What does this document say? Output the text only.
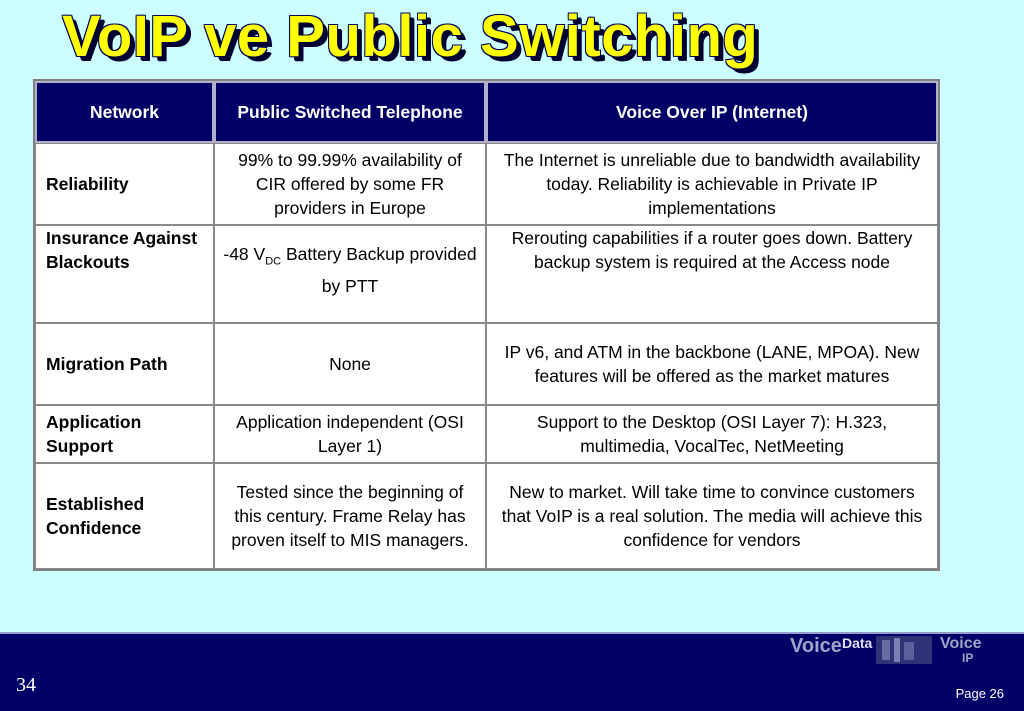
VoIP ve Public Switching
Network	Public Switched Telephone	Voice Over IP (Internet)
Reliability	99% to 99.99% availability of CIR offered by some FR providers in Europe	The Internet is unreliable due to bandwidth availability today. Reliability is achievable in Private IP implementations
Insurance Against Blackouts	-48 $V_{DC}$ Battery Backup provided by PTT	Rerouting capabilities if a router goes down. Battery backup system is required at the Access node
Migration Path	None	IP v6, and ATM in the backbone (LANE, MPOA). New features will be offered as the market matures
Application Support	Application independent (OSI Layer 1)	Support to the Desktop (OSI Layer 7): H.323, multimedia, VocalTec, NetMeeting
Established Confidence	Tested since the beginning of this century. Frame Relay has proven itself to MIS managers.	New to market. Will take time to convince customers that VoIP is a real solution. The media will achieve this confidence for vendors
Voice Data	Voice
IP
34	Page 26
